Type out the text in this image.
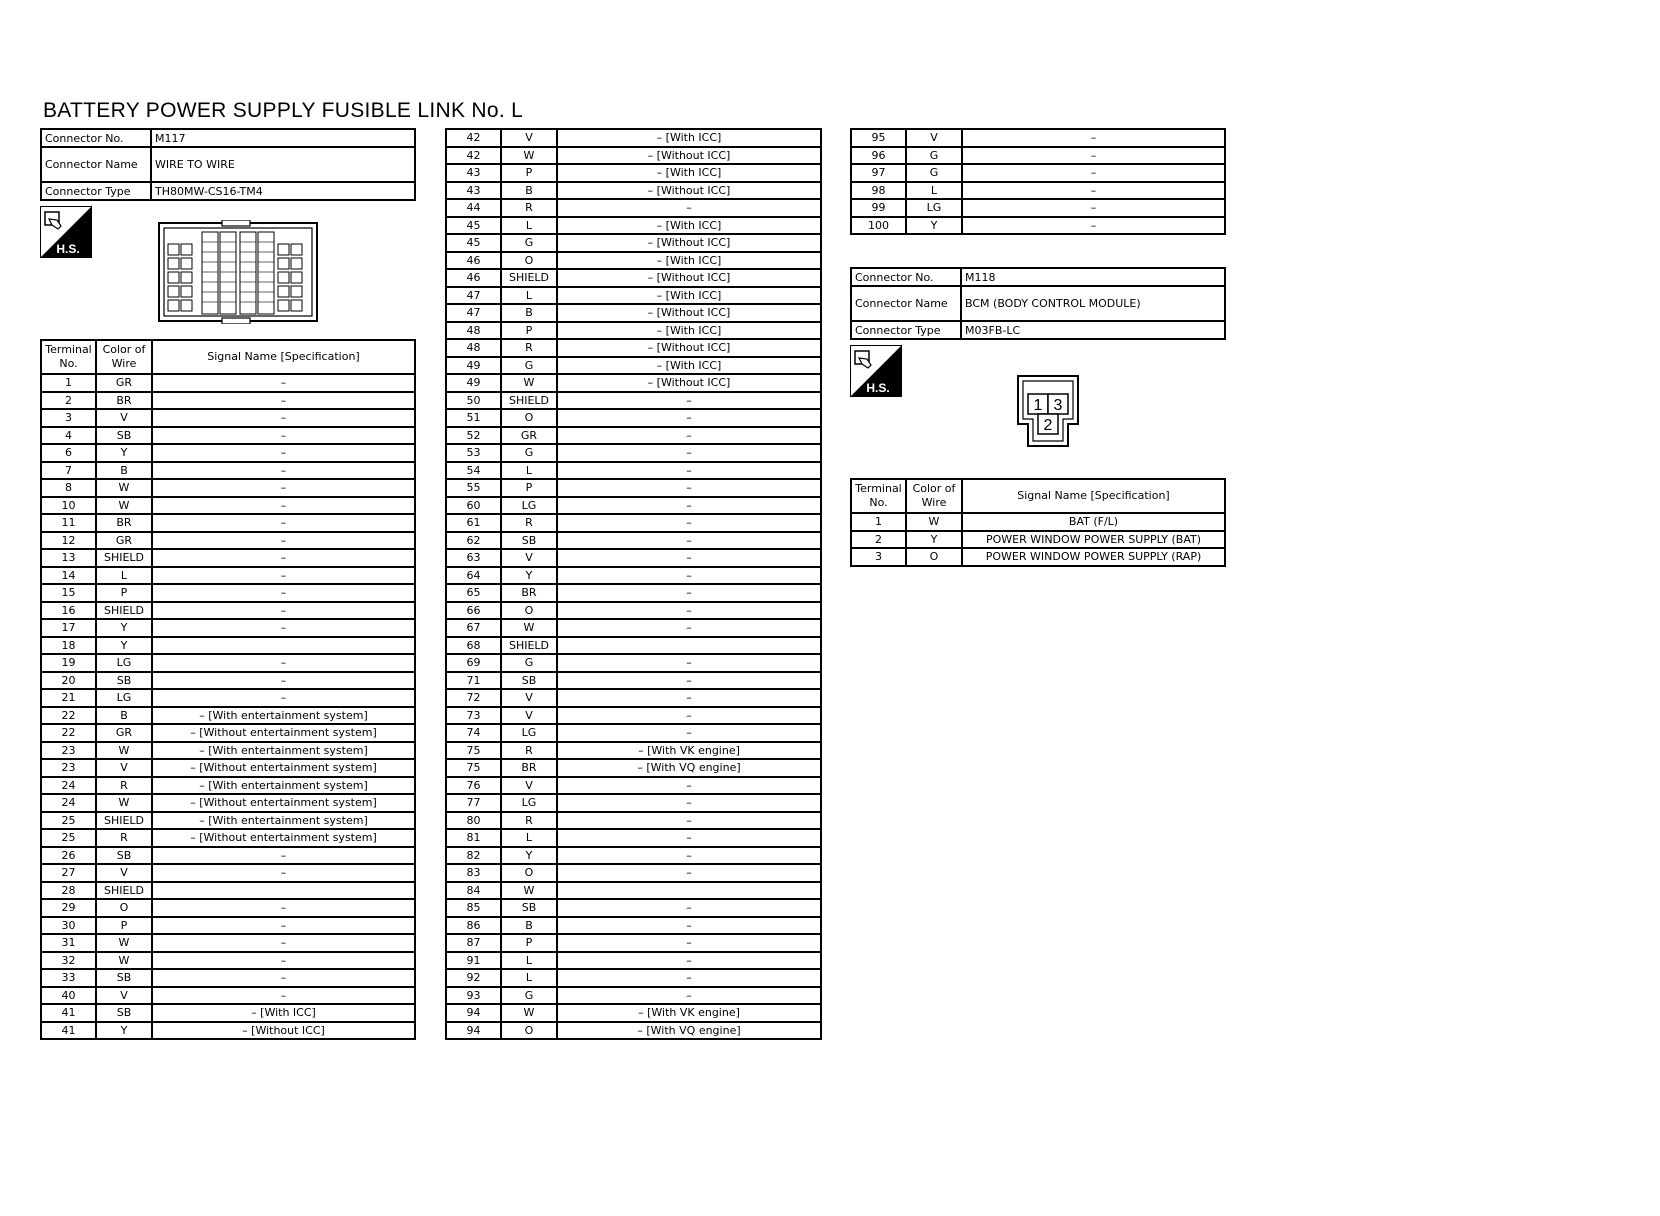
BATTERY POWER SUPPLY FUSIBLE LINK No. L
Connector No.	M117
Connector Name	WIRE TO WIRE
Connector Type	TH80MW-CS16-TM4
H.S.
Terminal No.	Color of Wire	Signal Name [Specification]
1	GR	–
2	BR	–
3	V	–
4	SB	–
6	Y	–
7	B	–
8	W	–
10	W	–
11	BR	–
12	GR	–
13	SHIELD	–
14	L	–
15	P	–
16	SHIELD	–
17	Y	–
18	Y	
19	LG	–
20	SB	–
21	LG	–
22	B	– [With entertainment system]
22	GR	– [Without entertainment system]
23	W	– [With entertainment system]
23	V	– [Without entertainment system]
24	R	– [With entertainment system]
24	W	– [Without entertainment system]
25	SHIELD	– [With entertainment system]
25	R	– [Without entertainment system]
26	SB	–
27	V	–
28	SHIELD	
29	O	–
30	P	–
31	W	–
32	W	–
33	SB	–
40	V	–
41	SB	– [With ICC]
41	Y	– [Without ICC]
42	V	– [With ICC]
42	W	– [Without ICC]
43	P	– [With ICC]
43	B	– [Without ICC]
44	R	–
45	L	– [With ICC]
45	G	– [Without ICC]
46	O	– [With ICC]
46	SHIELD	– [Without ICC]
47	L	– [With ICC]
47	B	– [Without ICC]
48	P	– [With ICC]
48	R	– [Without ICC]
49	G	– [With ICC]
49	W	– [Without ICC]
50	SHIELD	–
51	O	–
52	GR	–
53	G	–
54	L	–
55	P	–
60	LG	–
61	R	–
62	SB	–
63	V	–
64	Y	–
65	BR	–
66	O	–
67	W	–
68	SHIELD	
69	G	–
71	SB	–
72	V	–
73	V	–
74	LG	–
75	R	– [With VK engine]
75	BR	– [With VQ engine]
76	V	–
77	LG	–
80	R	–
81	L	–
82	Y	–
83	O	–
84	W	
85	SB	–
86	B	–
87	P	–
91	L	–
92	L	–
93	G	–
94	W	– [With VK engine]
94	O	– [With VQ engine]
95	V	–
96	G	–
97	G	–
98	L	–
99	LG	–
100	Y	–
Connector No.	M118
Connector Name	BCM (BODY CONTROL MODULE)
Connector Type	M03FB-LC
H.S.
1 3
2
Terminal No.	Color of Wire	Signal Name [Specification]
1	W	BAT (F/L)
2	Y	POWER WINDOW POWER SUPPLY (BAT)
3	O	POWER WINDOW POWER SUPPLY (RAP)
